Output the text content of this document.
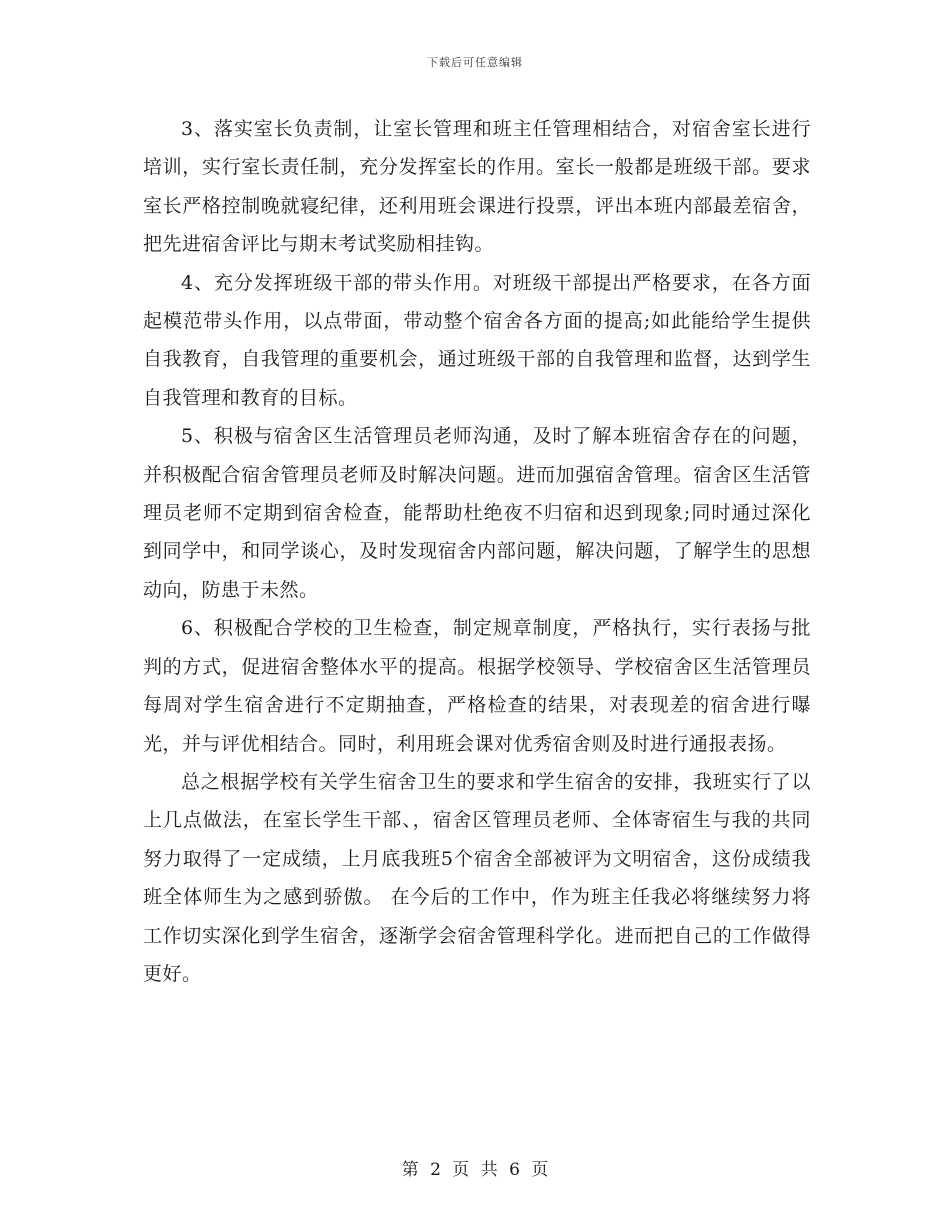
下载后可任意编辑

3、落实室长负责制，让室长管理和班主任管理相结合，对宿舍室长进行培训，实行室长责任制，充分发挥室长的作用。室长一般都是班级干部。要求室长严格控制晚就寝纪律，还利用班会课进行投票，评出本班内部最差宿舍，把先进宿舍评比与期末考试奖励相挂钩。

4、充分发挥班级干部的带头作用。对班级干部提出严格要求，在各方面起模范带头作用，以点带面，带动整个宿舍各方面的提高;如此能给学生提供自我教育，自我管理的重要机会，通过班级干部的自我管理和监督，达到学生自我管理和教育的目标。

5、积极与宿舍区生活管理员老师沟通，及时了解本班宿舍存在的问题，并积极配合宿舍管理员老师及时解决问题。进而加强宿舍管理。宿舍区生活管理员老师不定期到宿舍检查，能帮助杜绝夜不归宿和迟到现象;同时通过深化到同学中，和同学谈心，及时发现宿舍内部问题，解决问题，了解学生的思想动向，防患于未然。

6、积极配合学校的卫生检查，制定规章制度，严格执行，实行表扬与批判的方式，促进宿舍整体水平的提高。根据学校领导、学校宿舍区生活管理员每周对学生宿舍进行不定期抽查，严格检查的结果，对表现差的宿舍进行曝光，并与评优相结合。同时，利用班会课对优秀宿舍则及时进行通报表扬。

总之根据学校有关学生宿舍卫生的要求和学生宿舍的安排，我班实行了以上几点做法，在室长学生干部、，宿舍区管理员老师、全体寄宿生与我的共同努力取得了一定成绩，上月底我班5个宿舍全部被评为文明宿舍，这份成绩我班全体师生为之感到骄傲。 在今后的工作中，作为班主任我必将继续努力将工作切实深化到学生宿舍，逐渐学会宿舍管理科学化。进而把自己的工作做得更好。

第 2 页 共 6 页
